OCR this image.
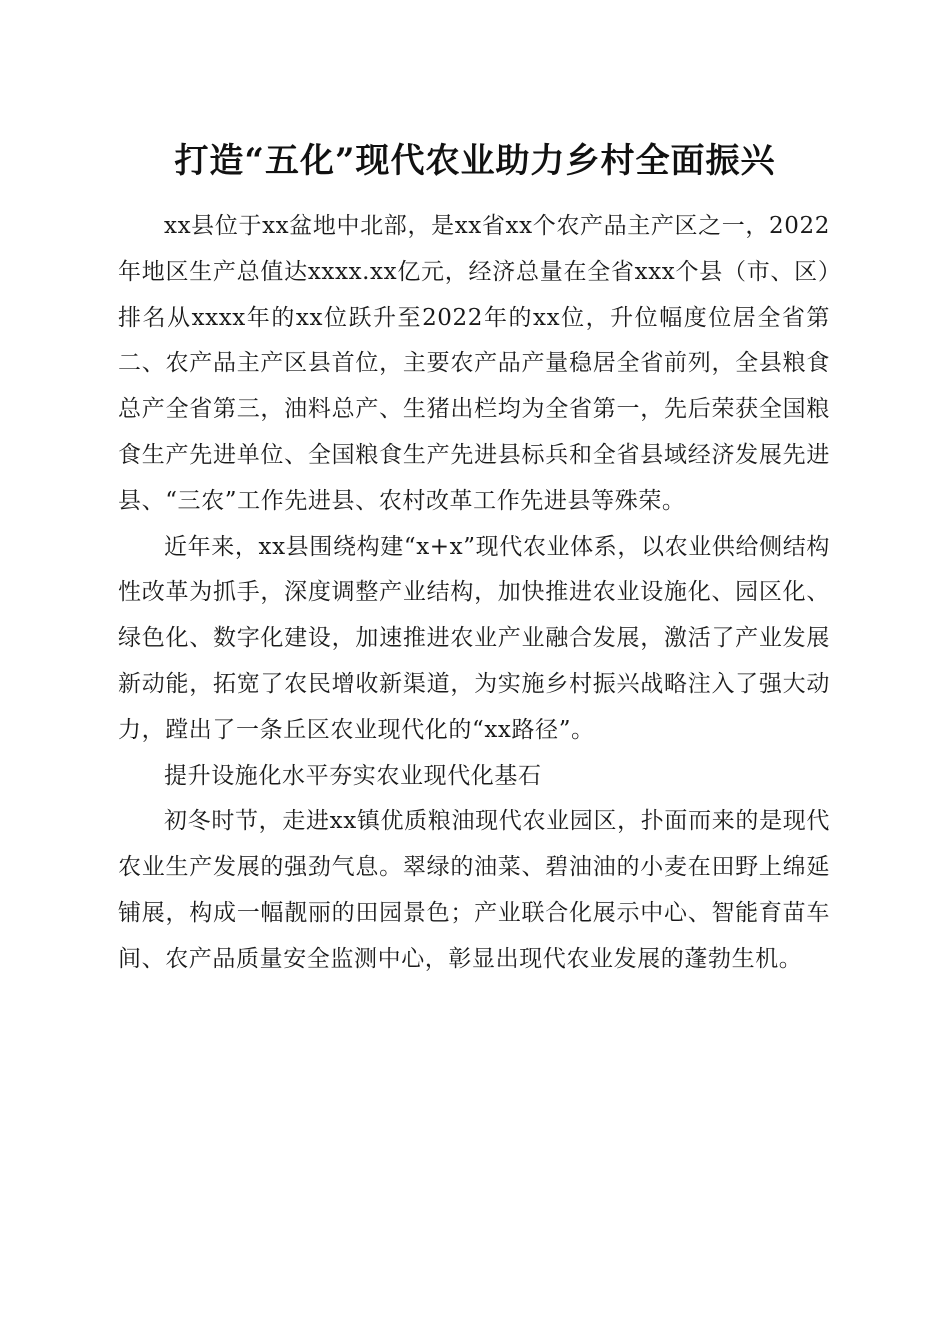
打造“五化”现代农业助力乡村全面振兴

xx县位于xx盆地中北部，是xx省xx个农产品主产区之一，2022年地区生产总值达xxxx.xx亿元，经济总量在全省xxx个县（市、区）排名从xxxx年的xx位跃升至2022年的xx位，升位幅度位居全省第二、农产品主产区县首位，主要农产品产量稳居全省前列，全县粮食总产全省第三，油料总产、生猪出栏均为全省第一，先后荣获全国粮食生产先进单位、全国粮食生产先进县标兵和全省县域经济发展先进县、“三农”工作先进县、农村改革工作先进县等殊荣。

近年来，xx县围绕构建“x+x”现代农业体系，以农业供给侧结构性改革为抓手，深度调整产业结构，加快推进农业设施化、园区化、绿色化、数字化建设，加速推进农业产业融合发展，激活了产业发展新动能，拓宽了农民增收新渠道，为实施乡村振兴战略注入了强大动力，蹚出了一条丘区农业现代化的“xx路径”。

提升设施化水平夯实农业现代化基石

初冬时节，走进xx镇优质粮油现代农业园区，扑面而来的是现代农业生产发展的强劲气息。翠绿的油菜、碧油油的小麦在田野上绵延铺展，构成一幅靓丽的田园景色；产业联合化展示中心、智能育苗车间、农产品质量安全监测中心，彰显出现代农业发展的蓬勃生机。
